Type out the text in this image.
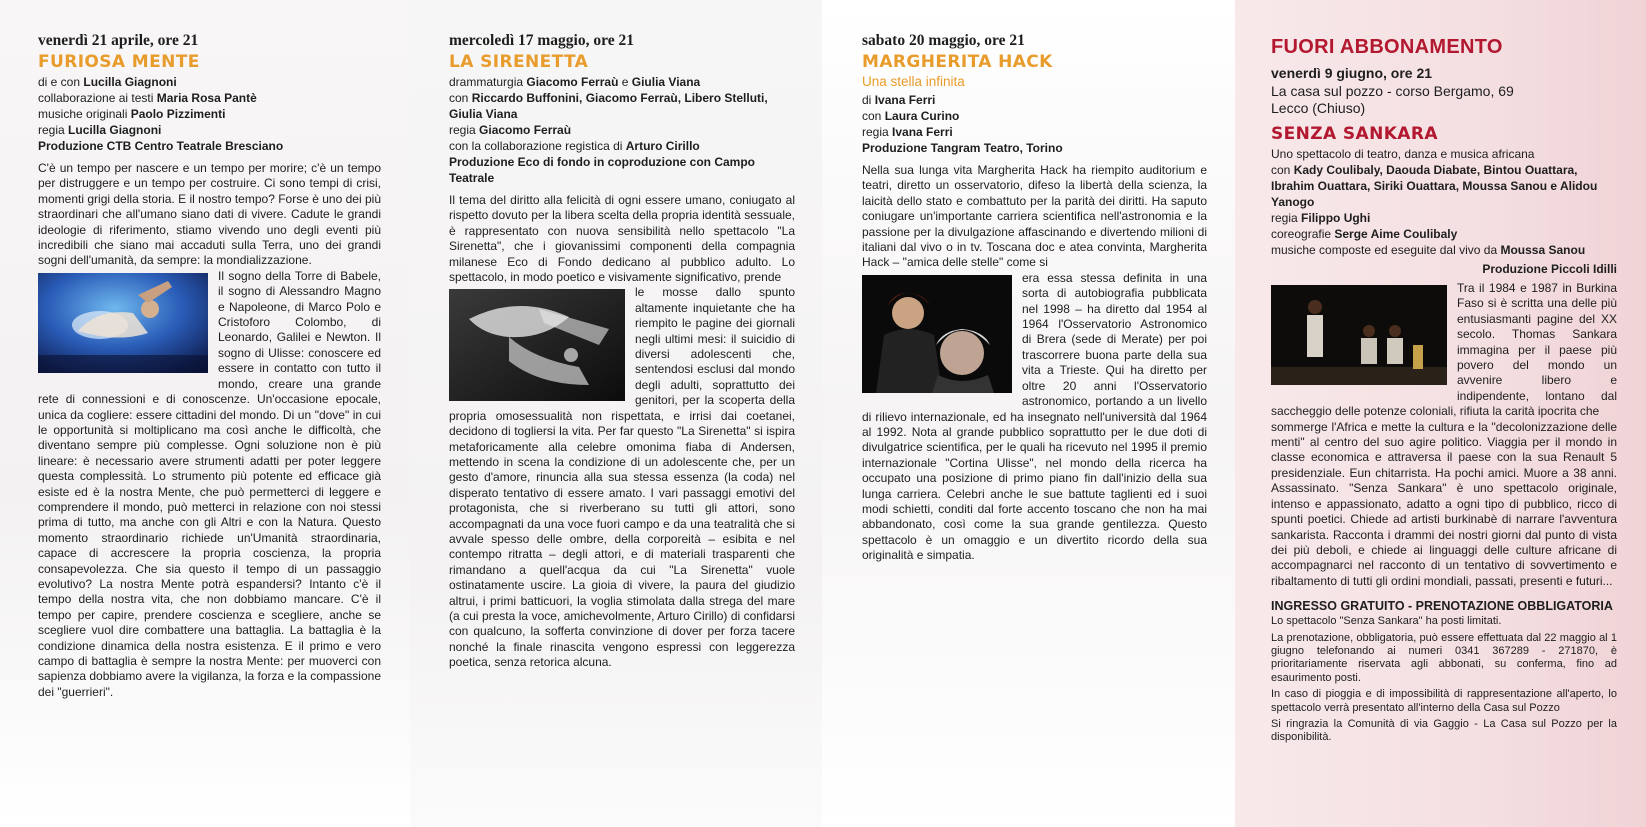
venerdì 21 aprile, ore 21
FURIOSA MENTE
di e con Lucilla Giagnoni
collaborazione ai testi Maria Rosa Pantè
musiche originali Paolo Pizzimenti
regia Lucilla Giagnoni
Produzione CTB Centro Teatrale Bresciano

C'è un tempo per nascere e un tempo per morire; c'è un tempo per distruggere e un tempo per costruire. Ci sono tempi di crisi, momenti grigi della storia. E il nostro tempo? Forse è uno dei più straordinari che all'umano siano dati di vivere. Cadute le grandi ideologie di riferimento, stiamo vivendo uno degli eventi più incredibili che siano mai accaduti sulla Terra, uno dei grandi sogni dell'umanità, da sempre: la mondializzazione.

Il sogno della Torre di Babele, il sogno di Alessandro Magno e Napoleone, di Marco Polo e Cristoforo Colombo, di Leonardo, Galilei e Newton. Il sogno di Ulisse: conoscere ed essere in contatto con tutto il mondo, creare una grande rete di connessioni e di conoscenze. Un'occasione epocale, unica da cogliere: essere cittadini del mondo. Di un "dove" in cui le opportunità si moltiplicano ma così anche le difficoltà, che diventano sempre più complesse. Ogni soluzione non è più lineare: è necessario avere strumenti adatti per poter leggere questa complessità. Lo strumento più potente ed efficace già esiste ed è la nostra Mente, che può permetterci di leggere e comprendere il mondo, può metterci in relazione con noi stessi prima di tutto, ma anche con gli Altri e con la Natura. Questo momento straordinario richiede un'Umanità straordinaria, capace di accrescere la propria coscienza, la propria consapevolezza. Che sia questo il tempo di un passaggio evolutivo? La nostra Mente potrà espandersi? Intanto c'è il tempo della nostra vita, che non dobbiamo mancare. C'è il tempo per capire, prendere coscienza e scegliere, anche se scegliere vuol dire combattere una battaglia. La battaglia è la condizione dinamica della nostra esistenza. E il primo e vero campo di battaglia è sempre la nostra Mente: per muoverci con sapienza dobbiamo avere la vigilanza, la forza e la compassione dei "guerrieri".

mercoledì 17 maggio, ore 21
LA SIRENETTA
drammaturgia Giacomo Ferraù e Giulia Viana
con Riccardo Buffonini, Giacomo Ferraù, Libero Stelluti, Giulia Viana
regia Giacomo Ferraù
con la collaborazione registica di Arturo Cirillo
Produzione Eco di fondo in coproduzione con Campo Teatrale

Il tema del diritto alla felicità di ogni essere umano, coniugato al rispetto dovuto per la libera scelta della propria identità sessuale, è rappresentato con nuova sensibilità nello spettacolo "La Sirenetta", che i giovanissimi componenti della compagnia milanese Eco di Fondo dedicano al pubblico adulto. Lo spettacolo, in modo poetico e visivamente significativo, prende

le mosse dallo spunto altamente inquietante che ha riempito le pagine dei giornali negli ultimi mesi: il suicidio di diversi adolescenti che, sentendosi esclusi dal mondo degli adulti, soprattutto dei genitori, per la scoperta della propria omosessualità non rispettata, e irrisi dai coetanei, decidono di togliersi la vita. Per far questo "La Sirenetta" si ispira metaforicamente alla celebre omonima fiaba di Andersen, mettendo in scena la condizione di un adolescente che, per un gesto d'amore, rinuncia alla sua stessa essenza (la coda) nel disperato tentativo di essere amato. I vari passaggi emotivi del protagonista, che si riverberano su tutti gli attori, sono accompagnati da una voce fuori campo e da una teatralità che si avvale spesso delle ombre, della corporeità – esibita e nel contempo ritratta – degli attori, e di materiali trasparenti che rimandano a quell'acqua da cui "La Sirenetta" vuole ostinatamente uscire. La gioia di vivere, la paura del giudizio altrui, i primi batticuori, la voglia stimolata dalla strega del mare (a cui presta la voce, amichevolmente, Arturo Cirillo) di confidarsi con qualcuno, la sofferta convinzione di dover per forza tacere nonché la finale rinascita vengono espressi con leggerezza poetica, senza retorica alcuna.

sabato 20 maggio, ore 21
MARGHERITA HACK
Una stella infinita
di Ivana Ferri
con Laura Curino
regia Ivana Ferri
Produzione Tangram Teatro, Torino

Nella sua lunga vita Margherita Hack ha riempito auditorium e teatri, diretto un osservatorio, difeso la libertà della scienza, la laicità dello stato e combattuto per la parità dei diritti. Ha saputo coniugare un'importante carriera scientifica nell'astronomia e la passione per la divulgazione affascinando e divertendo milioni di italiani dal vivo o in tv. Toscana doc e atea convinta, Margherita Hack – "amica delle stelle" come si

era essa stessa definita in una sorta di autobiografia pubblicata nel 1998 – ha diretto dal 1954 al 1964 l'Osservatorio Astronomico di Brera (sede di Merate) per poi trascorrere buona parte della sua vita a Trieste. Qui ha diretto per oltre 20 anni l'Osservatorio astronomico, portando a un livello di rilievo internazionale, ed ha insegnato nell'università dal 1964 al 1992. Nota al grande pubblico soprattutto per le due doti di divulgatrice scientifica, per le quali ha ricevuto nel 1995 il premio internazionale "Cortina Ulisse", nel mondo della ricerca ha occupato una posizione di primo piano fin dall'inizio della sua lunga carriera. Celebri anche le sue battute taglienti ed i suoi modi schietti, conditi dal forte accento toscano che non ha mai abbandonato, così come la sua grande gentilezza. Questo spettacolo è un omaggio e un divertito ricordo della sua originalità e simpatia.

FUORI ABBONAMENTO
venerdì 9 giugno, ore 21
La casa sul pozzo - corso Bergamo, 69
Lecco (Chiuso)
SENZA SANKARA
Uno spettacolo di teatro, danza e musica africana
con Kady Coulibaly, Daouda Diabate, Bintou Ouattara, Ibrahim Ouattara, Siriki Ouattara, Moussa Sanou e Alidou Yanogo
regia Filippo Ughi
coreografie Serge Aime Coulibaly
musiche composte ed eseguite dal vivo da Moussa Sanou
Produzione Piccoli Idilli

Tra il 1984 e 1987 in Burkina Faso si è scritta una delle più entusiasmanti pagine del XX secolo. Thomas Sankara immagina per il paese più povero del mondo un avvenire libero e indipendente, lontano dal saccheggio delle potenze coloniali, rifiuta la carità ipocrita che

sommerge l'Africa e mette la cultura e la "decolonizzazione delle menti" al centro del suo agire politico. Viaggia per il mondo in classe economica e attraversa il paese con la sua Renault 5 presidenziale. Eun chitarrista. Ha pochi amici. Muore a 38 anni. Assassinato. "Senza Sankara" è uno spettacolo originale, intenso e appassionato, adatto a ogni tipo di pubblico, ricco di spunti poetici. Chiede ad artisti burkinabè di narrare l'avventura sankarista. Racconta i drammi dei nostri giorni dal punto di vista dei più deboli, e chiede ai linguaggi delle culture africane di accompagnarci nel racconto di un tentativo di sovvertimento e ribaltamento di tutti gli ordini mondiali, passati, presenti e futuri...

INGRESSO GRATUITO - PRENOTAZIONE OBBLIGATORIA

Lo spettacolo "Senza Sankara" ha posti limitati.

La prenotazione, obbligatoria, può essere effettuata dal 22 maggio al 1 giugno telefonando ai numeri 0341 367289 - 271870, è prioritariamente riservata agli abbonati, su conferma, fino ad esaurimento posti.

In caso di pioggia e di impossibilità di rappresentazione all'aperto, lo spettacolo verrà presentato all'interno della Casa sul Pozzo

Si ringrazia la Comunità di via Gaggio - La Casa sul Pozzo per la disponibilità.
